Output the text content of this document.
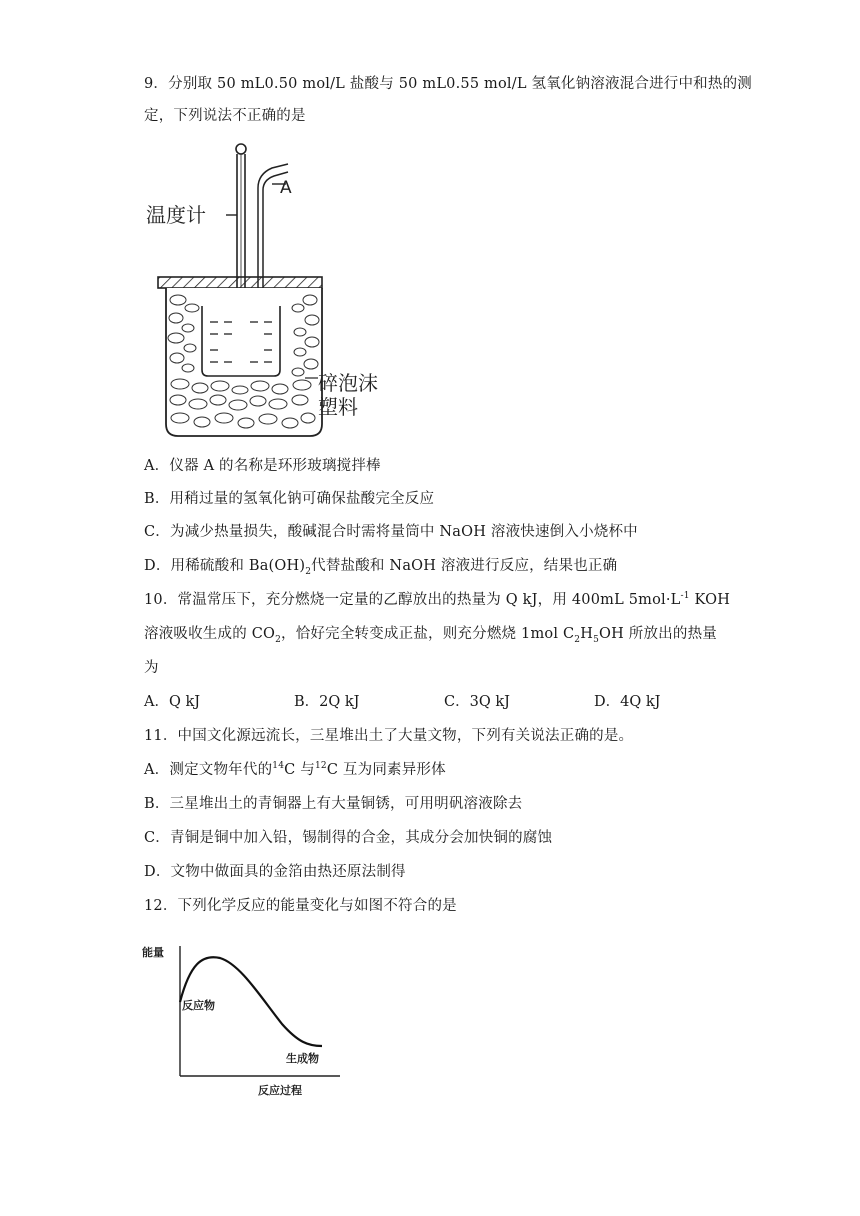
9．分别取 50 mL0.50 mol/L 盐酸与 50 mL0.55 mol/L 氢氧化钠溶液混合进行中和热的测
定，下列说法不正确的是
温度计
A
碎泡沫
塑料
A．仪器 A 的名称是环形玻璃搅拌棒
B．用稍过量的氢氧化钠可确保盐酸完全反应
C．为减少热量损失，酸碱混合时需将量筒中 NaOH 溶液快速倒入小烧杯中
D．用稀硫酸和 $Ba(OH)_2$代替盐酸和 NaOH 溶液进行反应，结果也正确
10．常温常压下，充分燃烧一定量的乙醇放出的热量为 Q kJ，用 400mL $5mol\cdot L^{-1}$ KOH
溶液吸收生成的 $CO_2$，恰好完全转变成正盐，则充分燃烧 1mol $C_2H_5OH$ 所放出的热量
为
A．Q kJ	B．2Q kJ	C．3Q kJ	D．4Q kJ
11．中国文化源远流长，三星堆出土了大量文物，下列有关说法正确的是。
A．测定文物年代的$^{14}$C 与$^{12}$C 互为同素异形体
B．三星堆出土的青铜器上有大量铜锈，可用明矾溶液除去
C．青铜是铜中加入铅，锡制得的合金，其成分会加快铜的腐蚀
D．文物中做面具的金箔由热还原法制得
12．下列化学反应的能量变化与如图不符合的是
能量
反应物
生成物
反应过程
